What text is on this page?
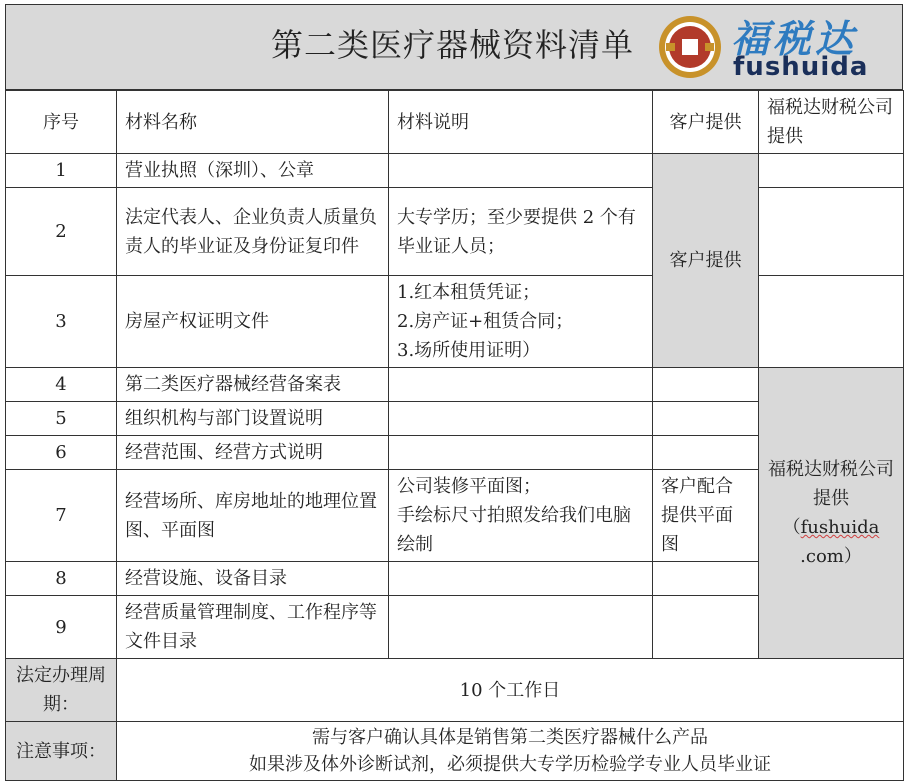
第二类医疗器械资料清单	福税达
fushuida
序号	材料名称	材料说明	客户提供	福税达财税公司提供
1	营业执照（深圳）、公章		客户提供	
2	法定代表人、企业负责人质量负责人的毕业证及身份证复印件	大专学历；至少要提供 2 个有毕业证人员；		
3	房屋产权证明文件	1.红本租赁凭证；
2.房产证+租赁合同；
3.场所使用证明）		

4	第二类医疗器械经营备案表			福税达财税公司提供
（fushuida
.com）

5	组织机构与部门设置说明			
6	经营范围、经营方式说明			
7	经营场所、库房地址的地理位置图、平面图	公司装修平面图；
手绘标尺寸拍照发给我们电脑绘制	客户配合提供平面图	
8	经营设施、设备目录			
9	经营质量管理制度、工作程序等文件目录			
法定办理周期：	10 个工作日			
注意事项：	需与客户确认具体是销售第二类医疗器械什么产品
如果涉及体外诊断试剂，必须提供大专学历检验学专业人员毕业证			
